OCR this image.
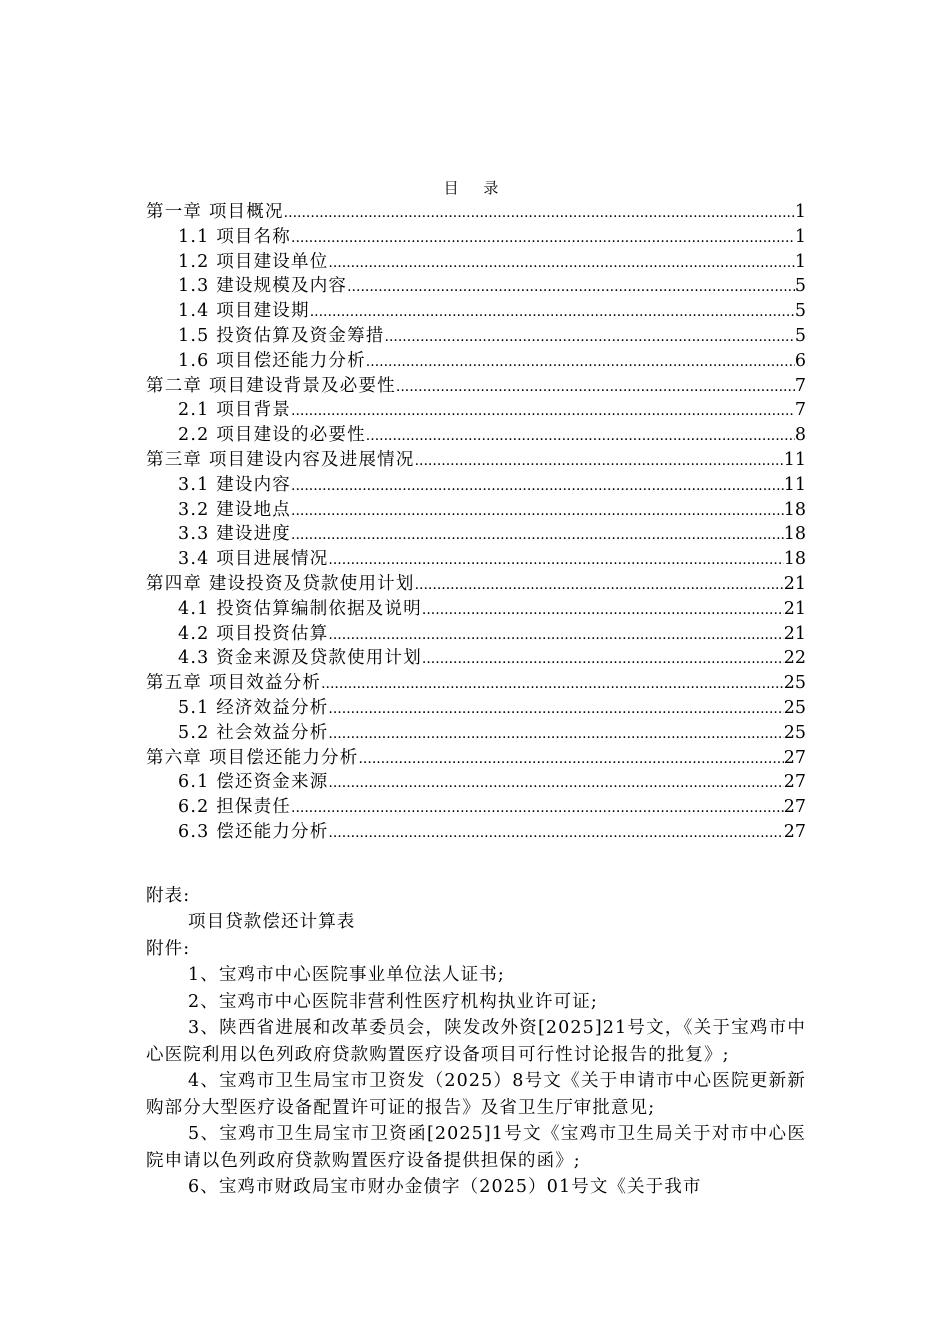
目 录
第一章 项目概况 .....	1
1.1 项目名称 .....	1
1.2 项目建设单位 .....	1
1.3 建设规模及内容 .....	5
1.4 项目建设期 .....	5
1.5 投资估算及资金筹措 .....	5
1.6 项目偿还能力分析 .....	6
第二章 项目建设背景及必要性 .....	7
2.1 项目背景 .....	7
2.2 项目建设的必要性 .....	8
第三章 项目建设内容及进展情况 .....	11
3.1 建设内容 .....	11
3.2 建设地点 .....	18
3.3 建设进度 .....	18
3.4 项目进展情况 .....	18
第四章 建设投资及贷款使用计划 .....	21
4.1 投资估算编制依据及说明 .....	21
4.2 项目投资估算 .....	21
4.3 资金来源及贷款使用计划 .....	22
第五章 项目效益分析 .....	25
5.1 经济效益分析 .....	25
5.2 社会效益分析 .....	25
第六章 项目偿还能力分析 .....	27
6.1 偿还资金来源 .....	27
6.2 担保责任 .....	27
6.3 偿还能力分析 .....	27
附表:
项目贷款偿还计算表
附件:
1、宝鸡市中心医院事业单位法人证书;
2、宝鸡市中心医院非营利性医疗机构执业许可证;
3、陕西省进展和改革委员会，陕发改外资[2025]21号文，《关于宝鸡市中心医院利用以色列政府贷款购置医疗设备项目可行性讨论报告的批复》;
4、宝鸡市卫生局宝市卫资发（2025）8号文《关于申请市中心医院更新新购部分大型医疗设备配置许可证的报告》及省卫生厅审批意见;
5、宝鸡市卫生局宝市卫资函[2025]1号文《宝鸡市卫生局关于对市中心医院申请以色列政府贷款购置医疗设备提供担保的函》;
6、宝鸡市财政局宝市财办金债字（2025）01号文《关于我市
